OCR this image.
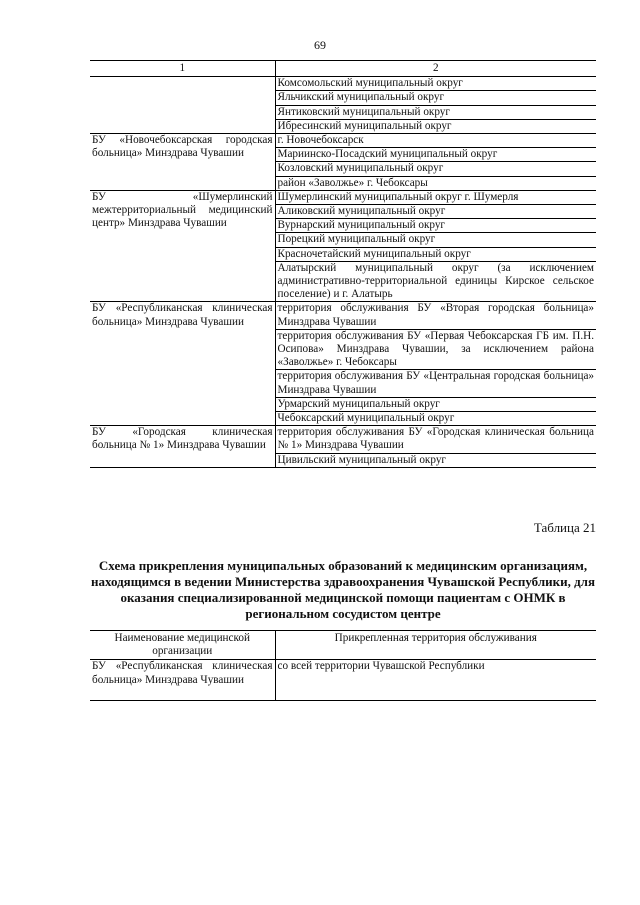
69
1	2
	Комсомольский муниципальный округ
	Яльчикский муниципальный округ
	Янтиковский муниципальный округ
	Ибресинский муниципальный округ
БУ «Новочебоксарская городская больница» Минздрава Чувашии	г. Новочебоксарск
	Мариинско-Посадский муниципальный округ
	Козловский муниципальный округ
	район «Заволжье» г. Чебоксары
БУ «Шумерлинский межтерриториальный медицинский центр» Минздрава Чувашии	Шумерлинский муниципальный округ г. Шумерля
	Аликовский муниципальный округ
	Вурнарский муниципальный округ
	Порецкий муниципальный округ
	Красночетайский муниципальный округ
	Алатырский муниципальный округ (за исключением административно-территориальной единицы Кирское сельское поселение) и г. Алатырь
БУ «Республиканская клиническая больница» Минздрава Чувашии	территория обслуживания БУ «Вторая городская больница» Минздрава Чувашии
	территория обслуживания БУ «Первая Чебоксарская ГБ им. П.Н. Осипова» Минздрава Чувашии, за исключением района «Заволжье» г. Чебоксары
	территория обслуживания БУ «Центральная городская больница» Минздрава Чувашии
	Урмарский муниципальный округ
	Чебоксарский муниципальный округ
БУ «Городская клиническая больница № 1» Минздрава Чувашии	территория обслуживания БУ «Городская клиническая больница № 1» Минздрава Чувашии
	Цивильский муниципальный округ
Таблица 21
Схема прикрепления муниципальных образований к медицинским организациям, находящимся в ведении Министерства здравоохранения Чувашской Республики, для оказания специализированной медицинской помощи пациентам с ОНМК в региональном сосудистом центре
Наименование медицинской организации	Прикрепленная территория обслуживания
БУ «Республиканская клиническая больница» Минздрава Чувашии	со всей территории Чувашской Республики
